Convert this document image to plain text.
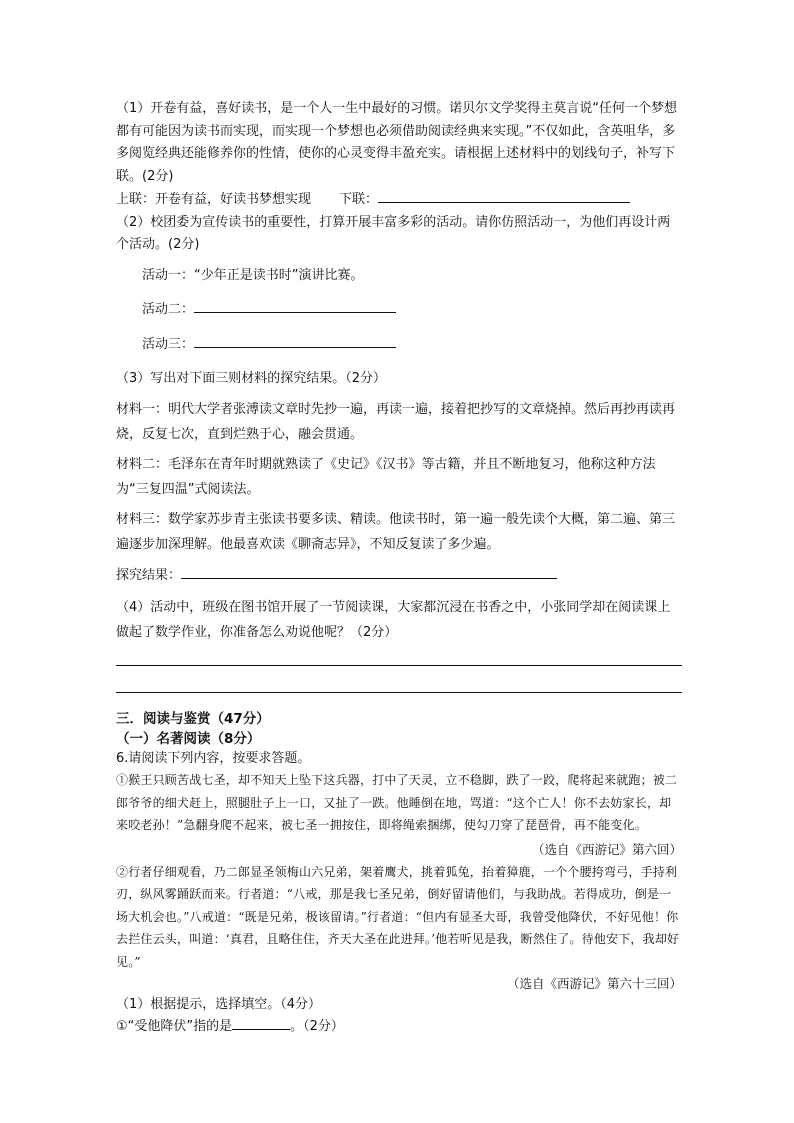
（1）开卷有益，喜好读书，是一个人一生中最好的习惯。诺贝尔文学奖得主莫言说“任何一个梦想都有可能因为读书而实现，而实现一个梦想也必须借助阅读经典来实现。”不仅如此，含英咀华，多多阅览经典还能修养你的性情，使你的心灵变得丰盈充实。请根据上述材料中的划线句子，补写下联。(2分)

上联：开卷有益，好读书梦想实现 下联：

（2）校团委为宣传读书的重要性，打算开展丰富多彩的活动。请你仿照活动一，为他们再设计两个活动。(2分)

活动一：“少年正是读书时”演讲比赛。

活动二：

活动三：

（3）写出对下面三则材料的探究结果。（2分）

材料一：明代大学者张溥读文章时先抄一遍，再读一遍，接着把抄写的文章烧掉。然后再抄再读再烧，反复七次，直到烂熟于心，融会贯通。

材料二：毛泽东在青年时期就熟读了《史记》《汉书》等古籍，并且不断地复习，他称这种方法为“三复四温”式阅读法。

材料三：数学家苏步青主张读书要多读、精读。他读书时，第一遍一般先读个大概，第二遍、第三遍逐步加深理解。他最喜欢读《聊斋志异》，不知反复读了多少遍。

探究结果：

（4）活动中，班级在图书馆开展了一节阅读课，大家都沉浸在书香之中，小张同学却在阅读课上做起了数学作业，你准备怎么劝说他呢？（2分）

三．阅读与鉴赏（47分）

（一）名著阅读（8分）

6.请阅读下列内容，按要求答题。

①猴王只顾苦战七圣，却不知天上坠下这兵器，打中了天灵，立不稳脚，跌了一跤，爬将起来就跑；被二郎爷爷的细犬赶上，照腿肚子上一口，又扯了一跌。他睡倒在地，骂道：“这个亡人！你不去妨家长，却来咬老孙！”急翻身爬不起来，被七圣一拥按住，即将绳索捆绑，使勾刀穿了琵琶骨，再不能变化。

（选自《西游记》第六回）

②行者仔细观看，乃二郎显圣领梅山六兄弟，架着鹰犬，挑着狐兔，抬着獐鹿，一个个腰挎弯弓，手持利刃，纵风雾踊跃而来。行者道：“八戒，那是我七圣兄弟，倒好留请他们，与我助战。若得成功，倒是一场大机会也。”八戒道：“既是兄弟，极该留请。”行者道：“但内有显圣大哥，我曾受他降伏，不好见他！你去拦住云头，叫道：‘真君，且略住住，齐天大圣在此进拜。’他若听见是我，断然住了。待他安下，我却好见。”

（选自《西游记》第六十三回）

（1）根据提示，选择填空。（4分）

①“受他降伏”指的是	。（2分）
